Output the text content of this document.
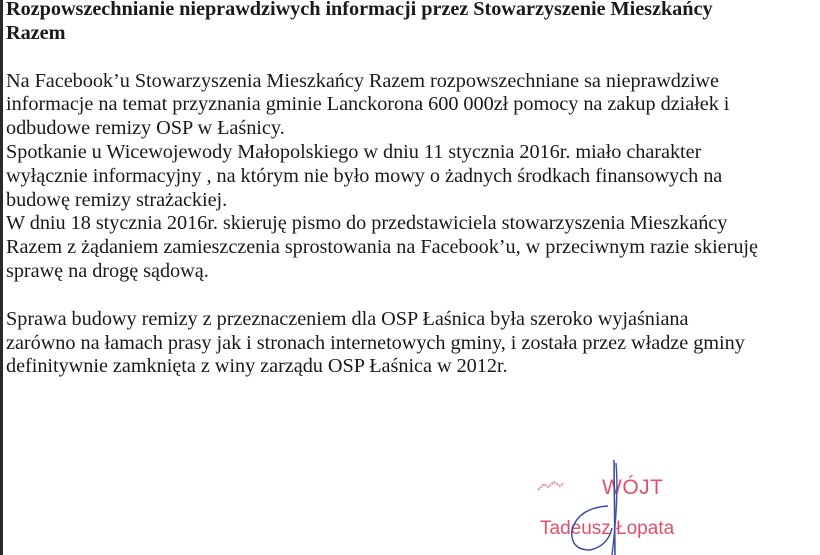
Rozpowszechnianie nieprawdziwych informacji przez Stowarzyszenie Mieszkańcy
Razem
Na Facebook’u Stowarzyszenia Mieszkańcy Razem rozpowszechniane sa nieprawdziwe
informacje na temat przyznania gminie Lanckorona 600 000zł pomocy na zakup działek i
odbudowe remizy OSP w Łaśnicy.
Spotkanie u Wicewojewody Małopolskiego w dniu 11 stycznia 2016r. miało charakter
wyłącznie informacyjny , na którym nie było mowy o żadnych środkach finansowych na
budowę remizy strażackiej.
W dniu 18 stycznia 2016r. skieruję pismo do przedstawiciela stowarzyszenia Mieszkańcy
Razem z żądaniem zamieszczenia sprostowania na Facebook’u, w przeciwnym razie skieruję
sprawę na drogę sądową.
Sprawa budowy remizy z przeznaczeniem dla OSP Łaśnica była szeroko wyjaśniana
zarówno na łamach prasy jak i stronach internetowych gminy, i została przez władze gminy
definitywnie zamknięta z winy zarządu OSP Łaśnica w 2012r.
WÓJT
Tadeusz Łopata
